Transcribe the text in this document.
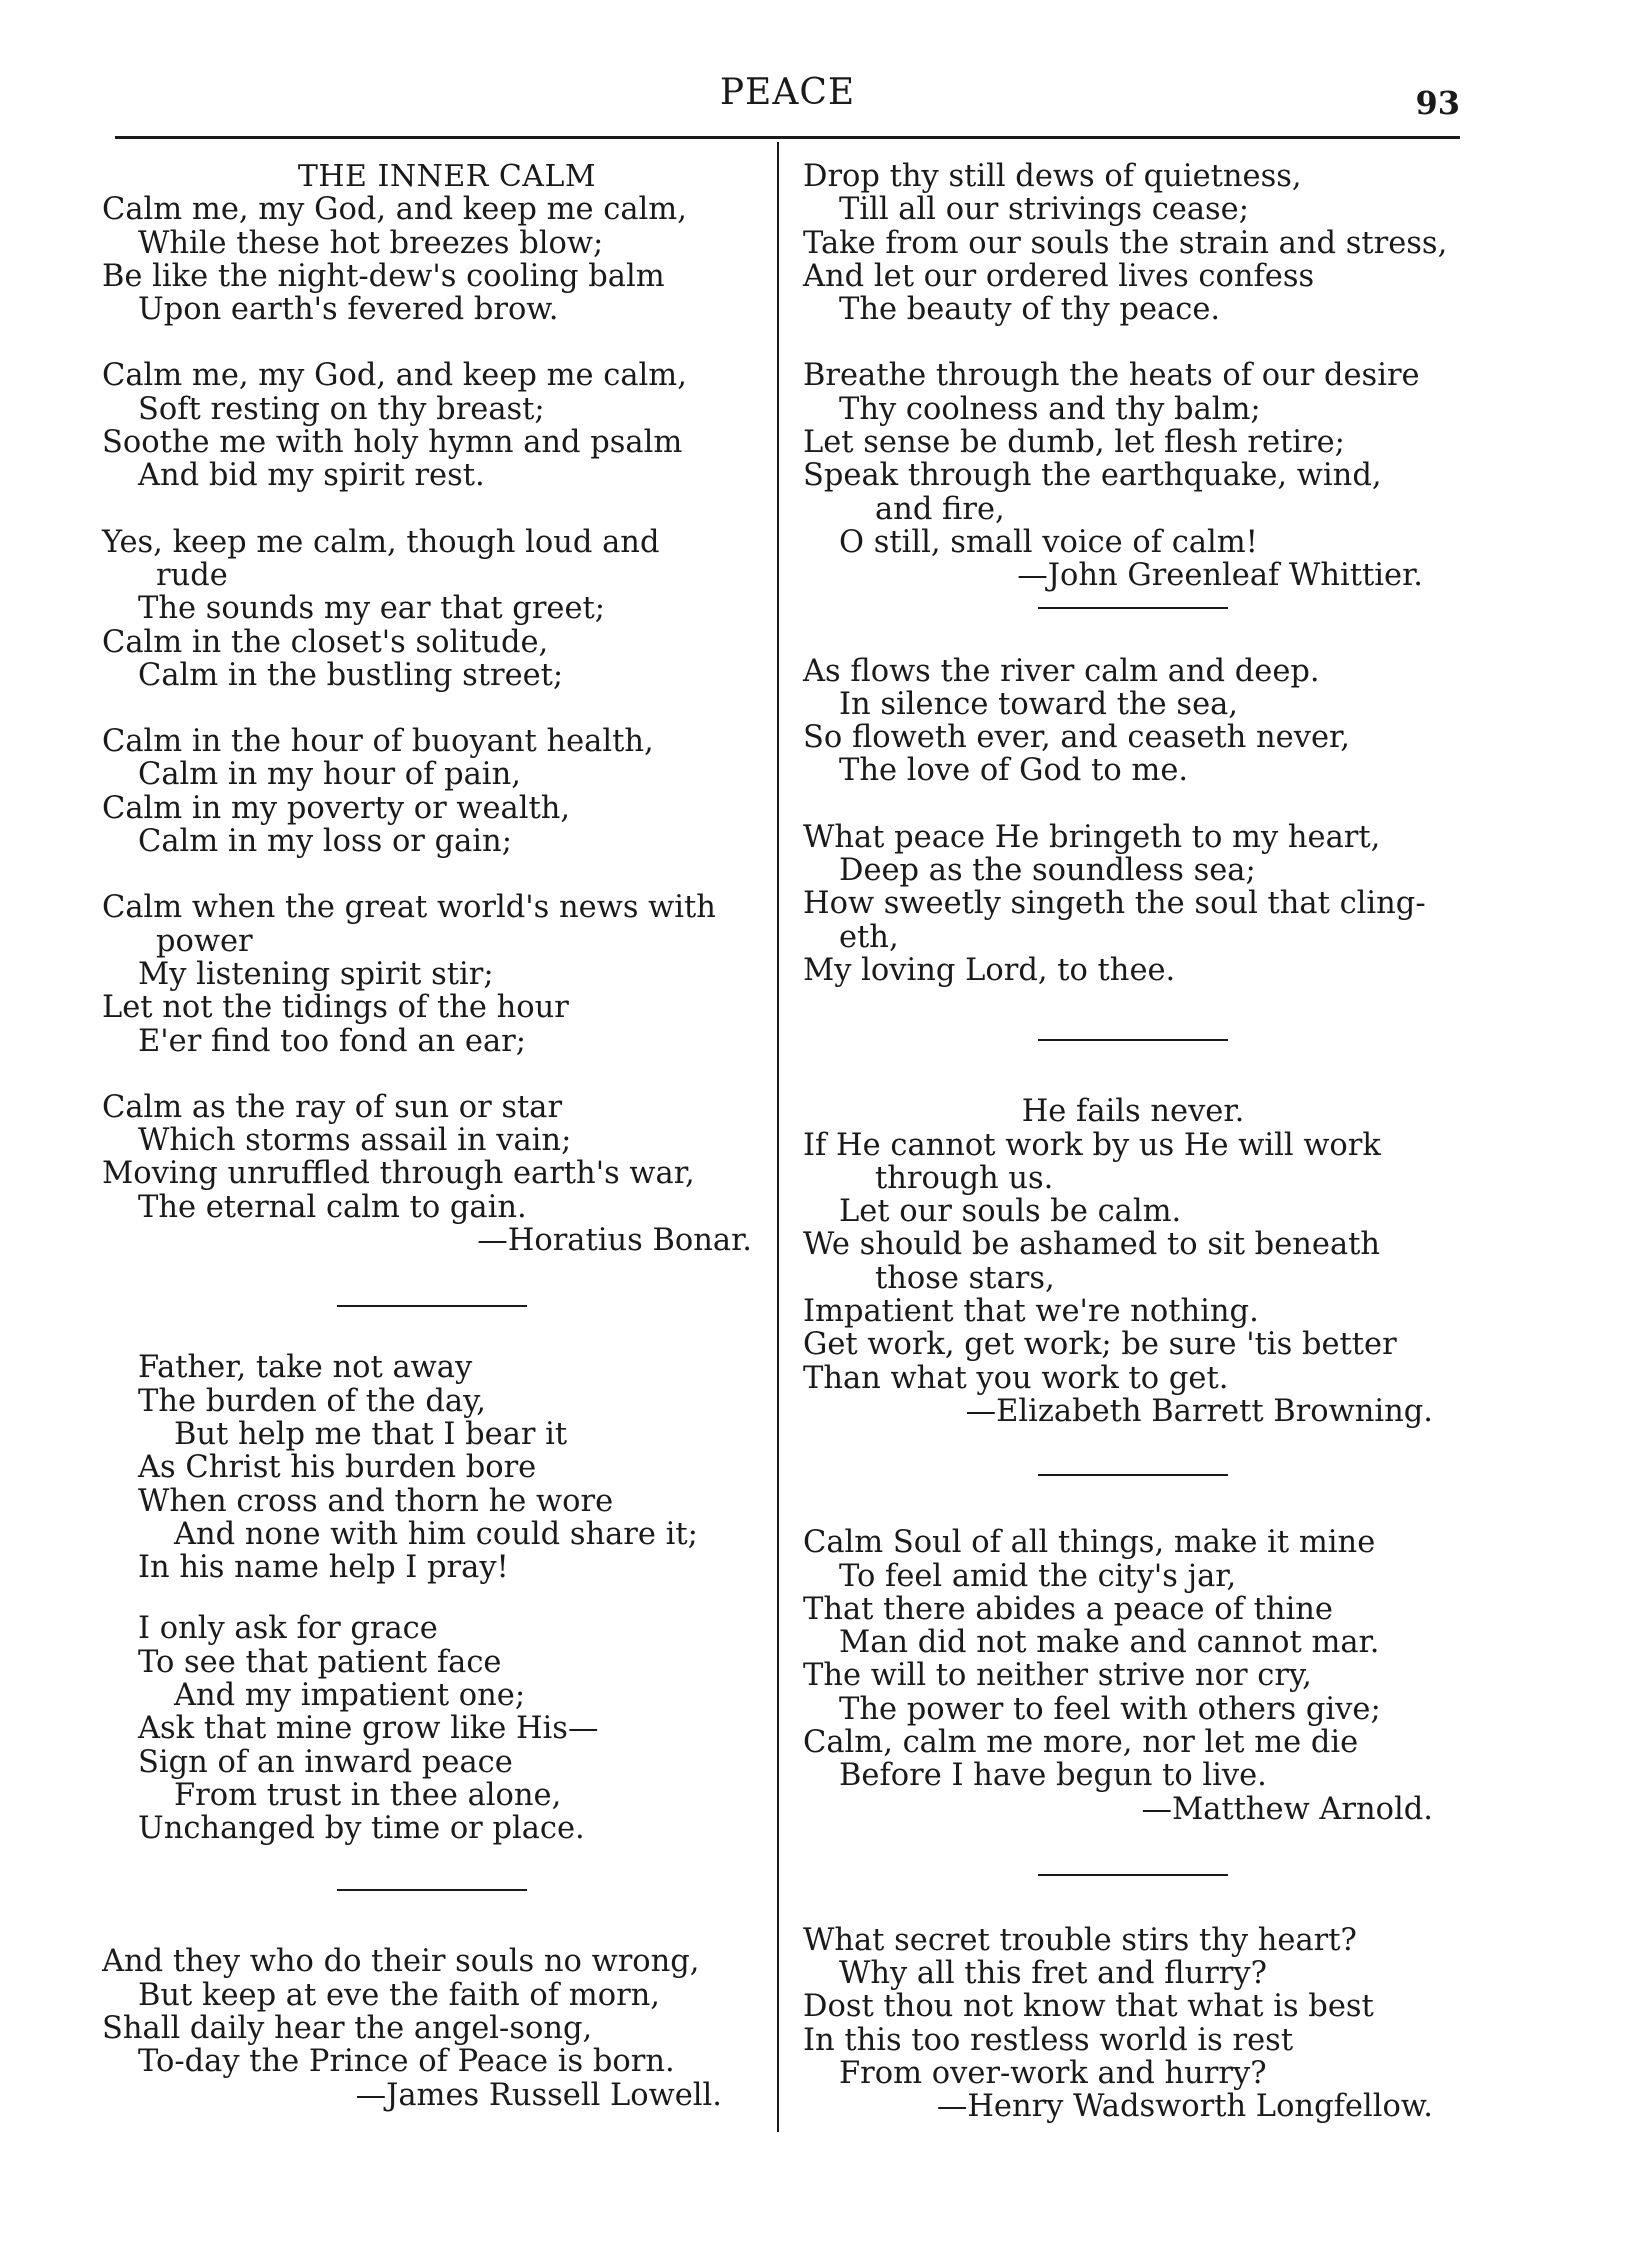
PEACE	93
THE INNER CALM
Calm me, my God, and keep me calm,
While these hot breezes blow;
Be like the night-dew's cooling balm
Upon earth's fevered brow.
Calm me, my God, and keep me calm,
Soft resting on thy breast;
Soothe me with holy hymn and psalm
And bid my spirit rest.
Yes, keep me calm, though loud and
rude
The sounds my ear that greet;
Calm in the closet's solitude,
Calm in the bustling street;
Calm in the hour of buoyant health,
Calm in my hour of pain,
Calm in my poverty or wealth,
Calm in my loss or gain;
Calm when the great world's news with
power
My listening spirit stir;
Let not the tidings of the hour
E'er find too fond an ear;
Calm as the ray of sun or star
Which storms assail in vain;
Moving unruffled through earth's war,
The eternal calm to gain.
—Horatius Bonar.
Father, take not away
The burden of the day,
But help me that I bear it
As Christ his burden bore
When cross and thorn he wore
And none with him could share it;
In his name help I pray!
I only ask for grace
To see that patient face
And my impatient one;
Ask that mine grow like His—
Sign of an inward peace
From trust in thee alone,
Unchanged by time or place.
And they who do their souls no wrong,
But keep at eve the faith of morn,
Shall daily hear the angel-song,
To-day the Prince of Peace is born.
—James Russell Lowell.
Drop thy still dews of quietness,
Till all our strivings cease;
Take from our souls the strain and stress,
And let our ordered lives confess
The beauty of thy peace.
Breathe through the heats of our desire
Thy coolness and thy balm;
Let sense be dumb, let flesh retire;
Speak through the earthquake, wind,
and fire,
O still, small voice of calm!
—John Greenleaf Whittier.
As flows the river calm and deep.
In silence toward the sea,
So floweth ever, and ceaseth never,
The love of God to me.
What peace He bringeth to my heart,
Deep as the soundless sea;
How sweetly singeth the soul that cling-
eth,
My loving Lord, to thee.
He fails never.
If He cannot work by us He will work
through us.
Let our souls be calm.
We should be ashamed to sit beneath
those stars,
Impatient that we're nothing.
Get work, get work; be sure 'tis better
Than what you work to get.
—Elizabeth Barrett Browning.
Calm Soul of all things, make it mine
To feel amid the city's jar,
That there abides a peace of thine
Man did not make and cannot mar.
The will to neither strive nor cry,
The power to feel with others give;
Calm, calm me more, nor let me die
Before I have begun to live.
—Matthew Arnold.
What secret trouble stirs thy heart?
Why all this fret and flurry?
Dost thou not know that what is best
In this too restless world is rest
From over-work and hurry?
—Henry Wadsworth Longfellow.
